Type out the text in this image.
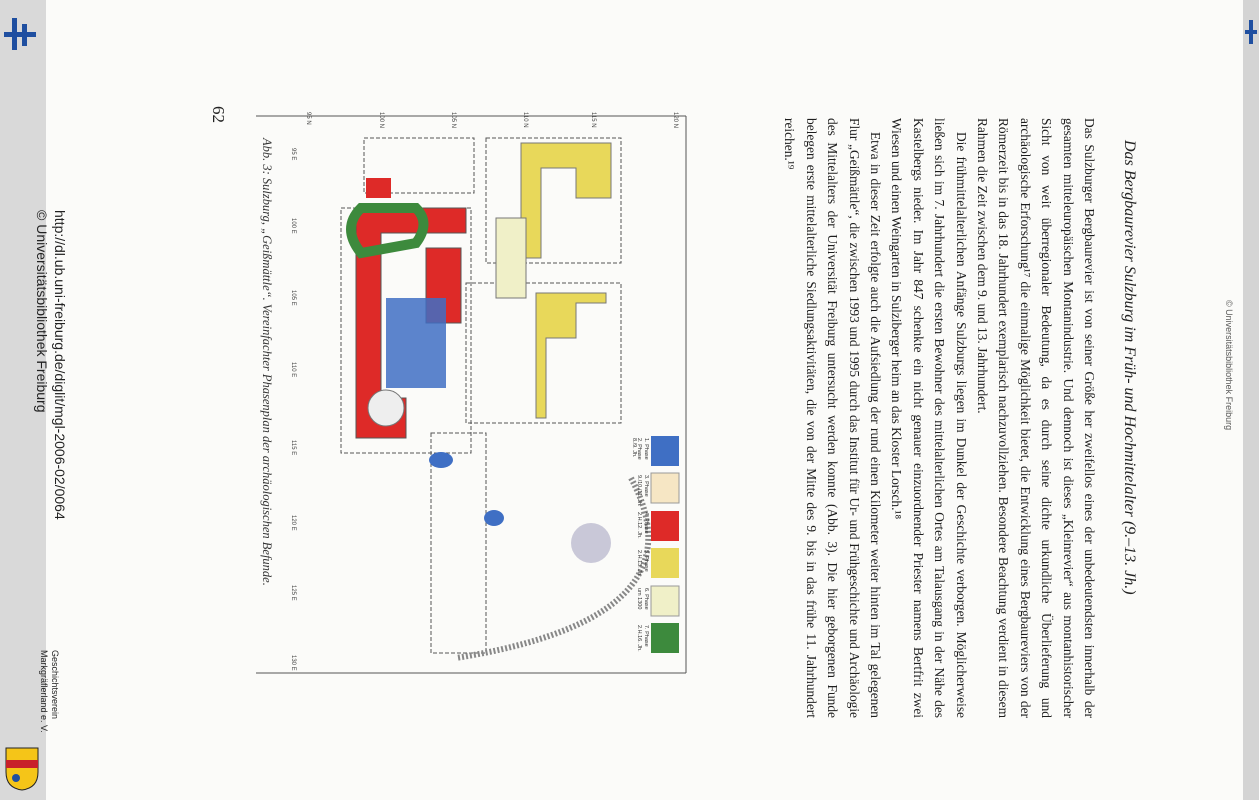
Das Bergbaurevier Sulzburg im Früh- und Hochmittelalter (9.–13. Jh.)

Das Sulzburger Bergbaurevier ist von seiner Größe her zweifellos eines der unbedeutendsten innerhalb der gesamten mitteleuropäischen Montanindustrie. Und dennoch ist dieses „Kleinrevier“ aus montanhistorischer Sicht von weit überregionaler Bedeutung, da es durch seine dichte urkundliche Überlieferung und archäologische Erforschung¹⁷ die einmalige Möglichkeit bietet, die Entwicklung eines Bergbaureviers von der Römerzeit bis in das 18. Jahrhundert exemplarisch nachzuvollziehen. Besondere Beachtung verdient in diesem Rahmen die Zeit zwischen dem 9. und 13. Jahrhundert.

Die frühmittelalterlichen Anfänge Sulzburgs liegen im Dunkel der Geschichte verborgen. Möglicherweise ließen sich im 7. Jahrhundert die ersten Bewohner des mittelalterlichen Ortes am Talausgang in der Nähe des Kastelbergs nieder. Im Jahr 847 schenkte ein nicht genauer einzuordnender Priester namens Bertfrit zwei Wiesen und einen Weingarten in Sulziberger heim an das Kloster Lorsch.¹⁸

Etwa in dieser Zeit erfolgte auch die Aufsiedlung der rund einen Kilometer weiter hinten im Tal gelegenen Flur „Geißmättle“, die zwischen 1993 und 1995 durch das Institut für Ur- und Frühgeschichte und Archäologie des Mittelalters der Universität Freiburg untersucht werden konnte (Abb. 3). Die hier geborgenen Funde belegen erste mittelalterliche Siedlungsaktivitäten, die von der Mitte des 9. bis in das frühe 11. Jahrhundert reichen.¹⁹

120 N
115 N
110 N
105 N
100 N
95 N
95 E
100 E
105 E
110 E
115 E
120 E
125 E
130 E
1. Phase
3. Phase
4. Phase
5. Phase
6. Phase
7. Phase
2. Phase
8./9. Jh.
9./10./11. Jh.
2.H.12. Jh.
2.H.13. Jh.
um 1300
2.H.16. Jh.
Abb. 3: Sulzburg, „Geißmättle“. Vereinfachter Phasenplan der archäologischen Befunde.
62
http://dl.ub.uni-freiburg.de/diglit/mgl-2006-02/0064
© Universitätsbibliothek Freiburg
Geschichtsverein
Markgräflerland e. V.
© Universitätsbibliothek Freiburg
